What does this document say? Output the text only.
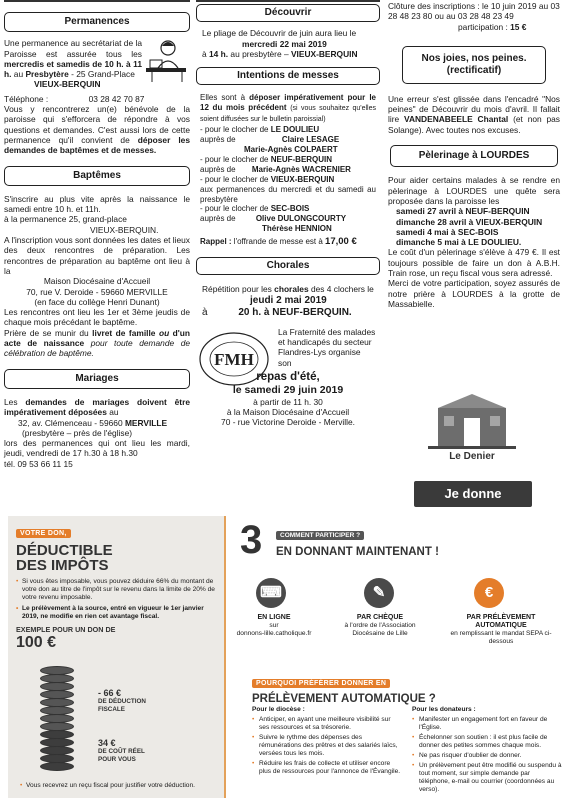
Permanences
Une permanence au secrétariat de la Paroisse est assurée tous les mercredis et samedis de 10 h. à 11 h. au Presbytère - 25 Grand-Place
VIEUX-BERQUIN
Téléphone :	03 28 42 70 87
Vous y rencontrerez un(e) bénévole de la paroisse qui s'efforcera de répondre à vos questions et demandes. C'est aussi lors de cette permanence qu'il convient de déposer les demandes de baptêmes et de messes.
Baptêmes
S'inscrire au plus vite après la naissance le samedi entre 10 h. et 11h.
à la permanence 25, grand-place
VIEUX-BERQUIN.
A l'inscription vous sont données les dates et lieux des deux rencontres de préparation. Les rencontres de préparation au baptême ont lieu à la
Maison Diocésaine d'Accueil
70, rue V. Deroide - 59660 MERVILLE
(en face du collège Henri Dunant)
Les rencontres ont lieu les 1er et 3ème jeudis de chaque mois précédant le baptême.
Prière de se munir du livret de famille ou d'un acte de naissance pour toute demande de célébration de baptême.
Mariages
Les demandes de mariages doivent être impérativement déposées au
32, av. Clémenceau - 59660 MERVILLE
(presbytère – près de l'église)
lors des permanences qui ont lieu les mardi, jeudi, vendredi de 17 h.30 à 18 h.30
tél. 09 53 66 11 15
Découvrir
Le pliage de Découvrir de juin aura lieu le
mercredi 22 mai 2019
à 14 h. au presbytère – VIEUX-BERQUIN
Intentions de messes
Elles sont à déposer impérativement pour le 12 du mois précédent (si vous souhaitez qu'elles soient diffusées sur le bulletin paroissial)
- pour le clocher de LE DOULIEU
auprès de	Claire LESAGE
Marie-Agnès COLPAERT
- pour le clocher de NEUF-BERQUIN
auprès de Marie-Agnès WACRENIER
- pour le clocher de VIEUX-BERQUIN
aux permanences du mercredi et du samedi au presbytère
- pour le clocher de SEC-BOIS
auprès de	Olive DULONGCOURTY
Thérèse HENNION
Rappel : l'offrande de messe est à 17,00 €
Chorales
Répétition pour les chorales des 4 clochers le
jeudi 2 mai 2019
à	20 h. à NEUF-BERQUIN.
FMH
La Fraternité des malades et handicapés du secteur Flandres-Lys organise son
repas d'été,
le samedi 29 juin 2019
à partir de 11 h. 30
à la Maison Diocésaine d'Accueil
70 - rue Victorine Deroide - Merville.
Clôture des inscriptions : le 10 juin 2019 au 03 28 48 23 80 ou au 03 28 48 23 49
participation : 15 €
Nos joies, nos peines.
(rectificatif)
Une erreur s'est glissée dans l'encadré "Nos peines" de Découvrir du mois d'avril. Il fallait lire VANDENABEELE Chantal (et non pas Solange). Avec toutes nos excuses.
Pèlerinage à LOURDES
Pour aider certains malades à se rendre en pèlerinage à LOURDES une quête sera proposée dans la paroisse les
samedi 27 avril à NEUF-BERQUIN
dimanche 28 avril à VIEUX-BERQUIN
samedi 4 mai à SEC-BOIS
dimanche 5 mai à LE DOULIEU.
Le coût d'un pèlerinage s'élève à 479 €. Il est toujours possible de faire un don à A.B.H. Train rose, un reçu fiscal vous sera adressé.
Merci de votre participation, soyez assurés de notre prière à LOURDES à la grotte de Massabielle.
Le Denier
Je donne
VOTRE DON,
DÉDUCTIBLE
DES IMPÔTS
• Si vous êtes imposable, vous pouvez déduire 66% du montant de votre don au titre de l'impôt sur le revenu dans la limite de 20% de votre revenu imposable.
• Le prélèvement à la source, entré en vigueur le 1er janvier 2019, ne modifie en rien cet avantage fiscal.
EXEMPLE POUR UN DON DE
100 €
- 66 €
DE DÉDUCTION FISCALE
34 €
DE COÛT RÉEL POUR VOUS
• Vous recevrez un reçu fiscal pour justifier votre déduction.
3	COMMENT PARTICIPER ?
EN DONNANT MAINTENANT !
⌨	✎	€
EN LIGNE
sur
donnons-lille.catholique.fr
PAR CHÈQUE
à l'ordre de l'Association Diocésaine de Lille
PAR PRÉLÈVEMENT AUTOMATIQUE
en remplissant le mandat SEPA ci-dessous
POURQUOI PRÉFÉRER DONNER EN
PRÉLÈVEMENT AUTOMATIQUE ?
Pour le diocèse :
• Anticiper, en ayant une meilleure visibilité sur ses ressources et sa trésorerie.
• Suivre le rythme des dépenses des rémunérations des prêtres et des salariés laïcs, versées tous les mois.
• Réduire les frais de collecte et utiliser encore plus de ressources pour l'annonce de l'Évangile.
Pour les donateurs :
• Manifester un engagement fort en faveur de l'Église.
• Échelonner son soutien : il est plus facile de donner des petites sommes chaque mois.
• Ne pas risquer d'oublier de donner.
• Un prélèvement peut être modifié ou suspendu à tout moment, sur simple demande par téléphone, e-mail ou courrier (coordonnées au verso).
